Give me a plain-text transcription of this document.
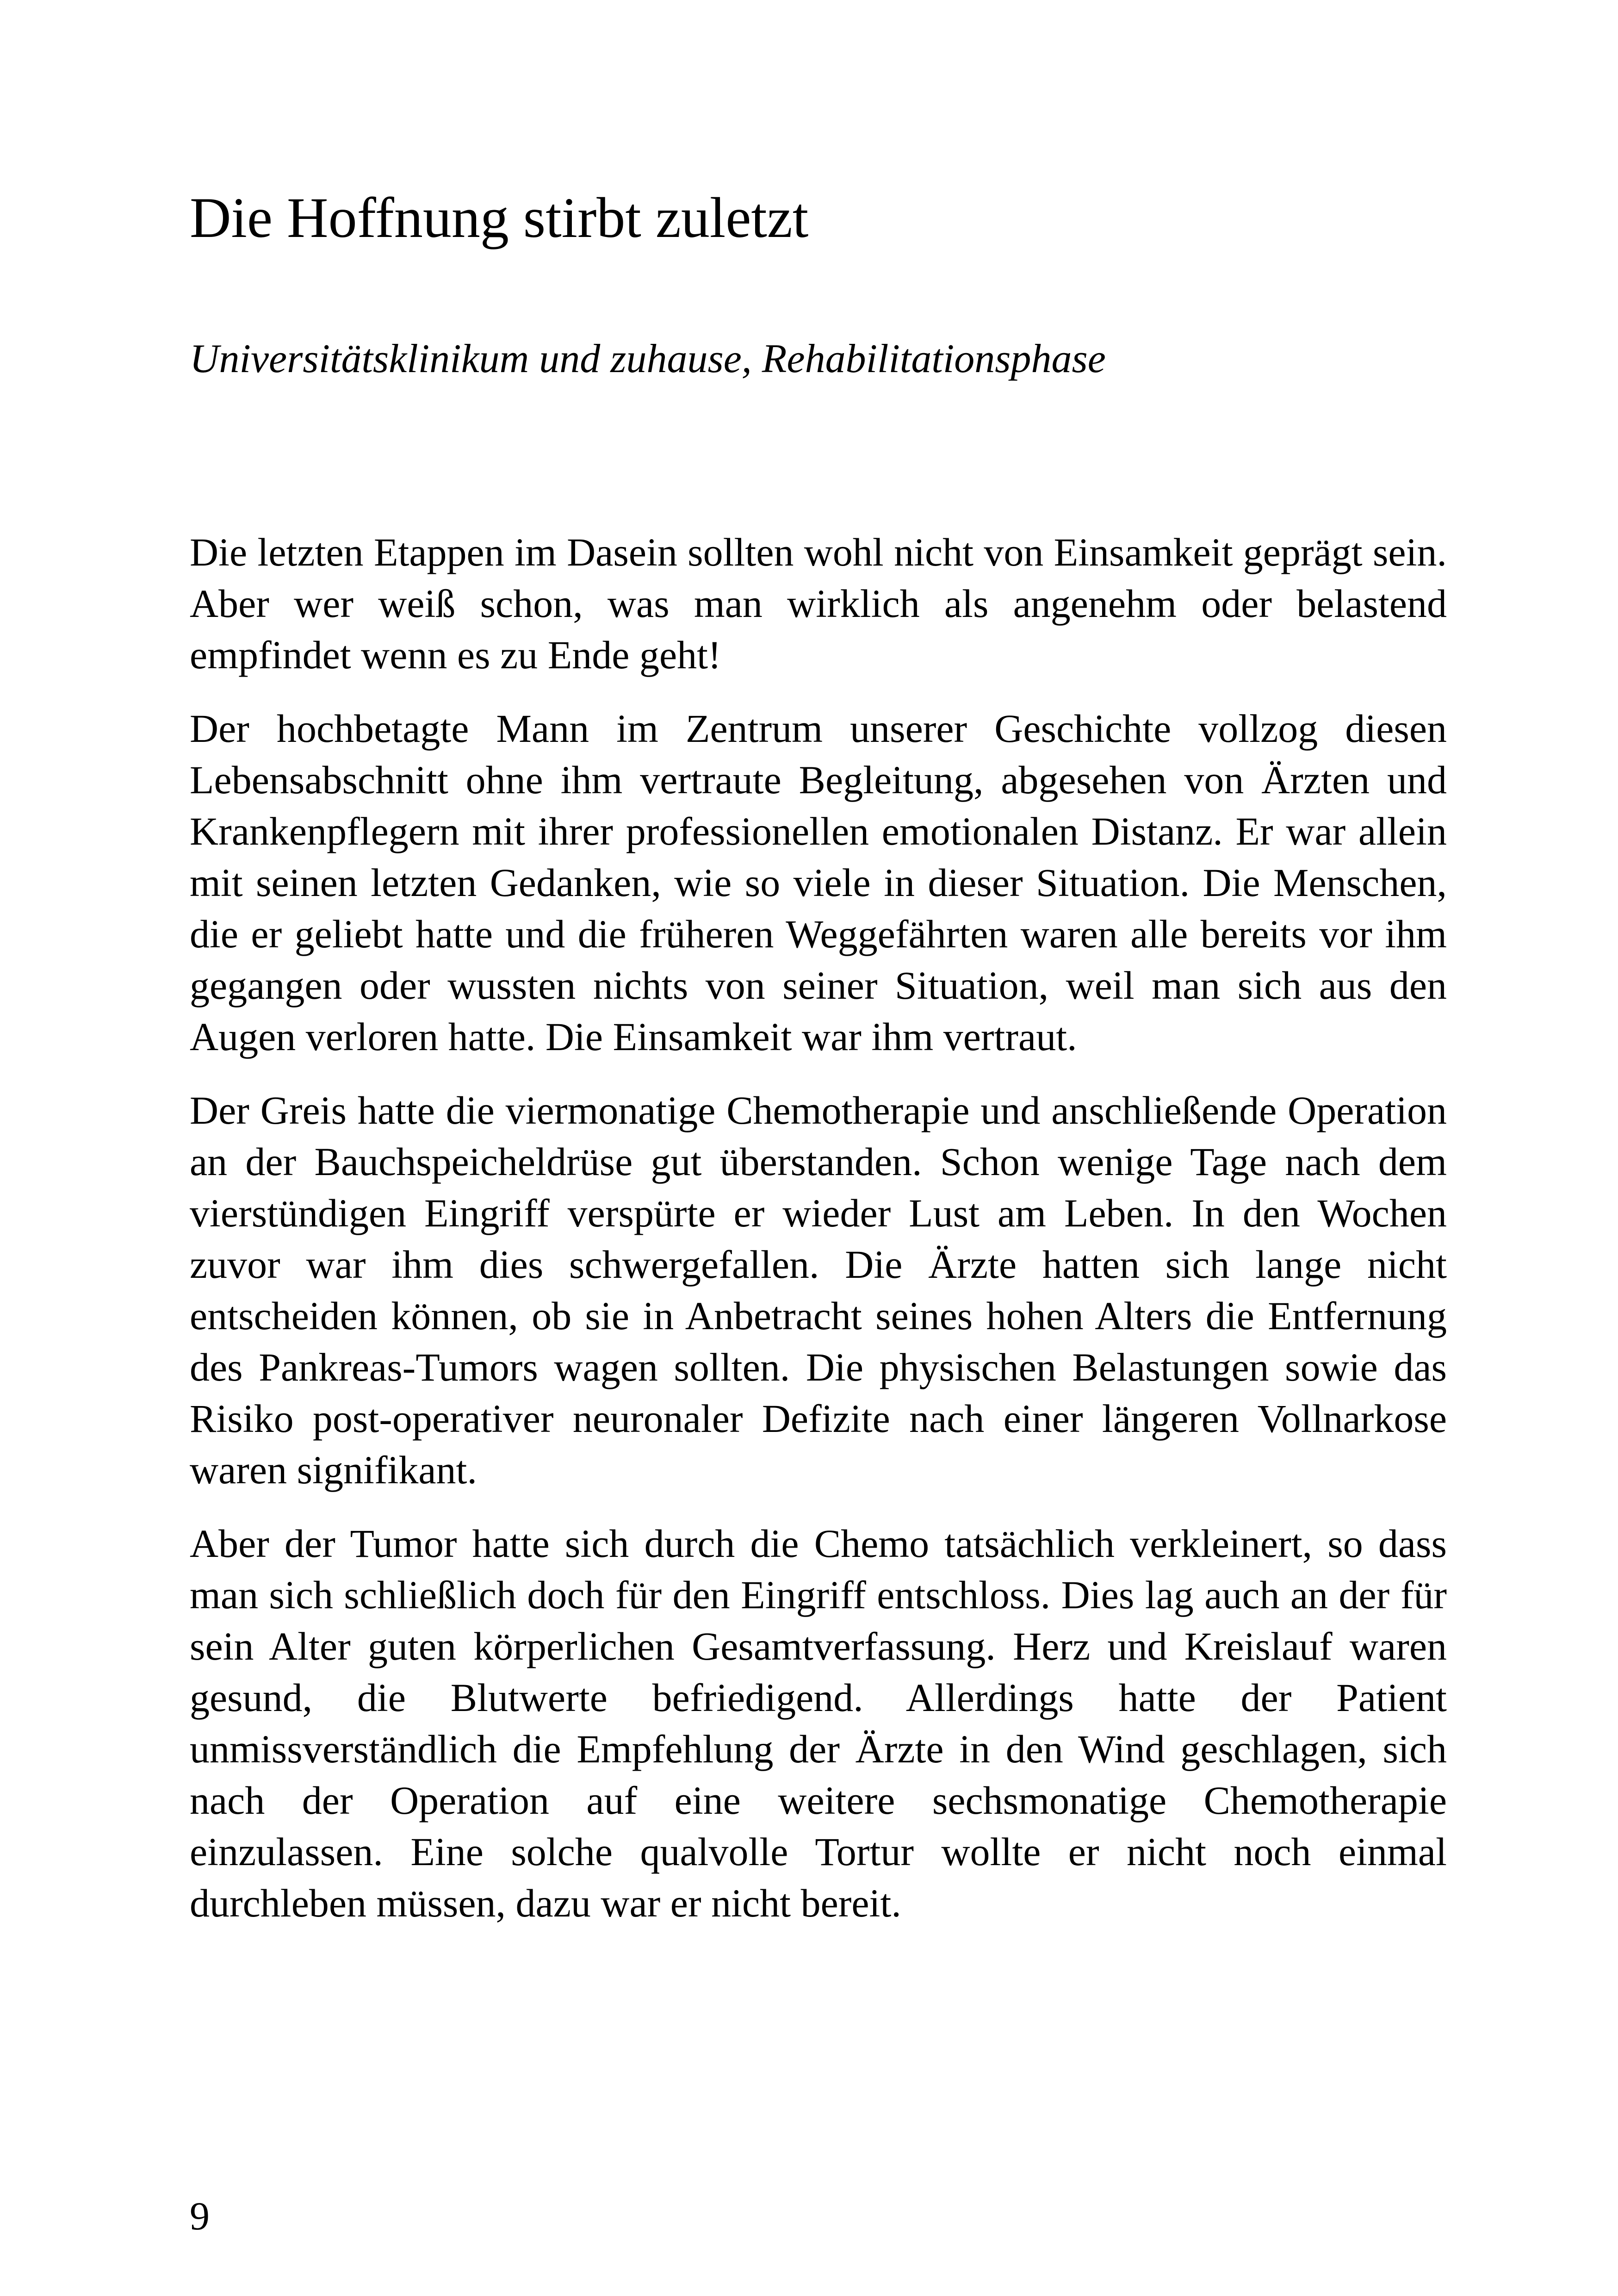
Die Hoffnung stirbt zuletzt
Universitätsklinikum und zuhause, Rehabilitationsphase

Die letzten Etappen im Dasein sollten wohl nicht von Einsamkeit geprägt sein. Aber wer weiß schon, was man wirklich als angenehm oder belastend empfindet wenn es zu Ende geht!

Der hochbetagte Mann im Zentrum unserer Geschichte vollzog diesen Lebensabschnitt ohne ihm vertraute Begleitung, abgesehen von Ärzten und Krankenpflegern mit ihrer professionellen emotionalen Distanz. Er war allein mit seinen letzten Gedanken, wie so viele in dieser Situation. Die Menschen, die er geliebt hatte und die früheren Weggefährten waren alle bereits vor ihm gegangen oder wussten nichts von seiner Situation, weil man sich aus den Augen verloren hatte. Die Einsamkeit war ihm vertraut.

Der Greis hatte die viermonatige Chemotherapie und anschließende Operation an der Bauchspeicheldrüse gut überstanden. Schon wenige Tage nach dem vierstündigen Eingriff verspürte er wieder Lust am Leben. In den Wochen zuvor war ihm dies schwergefallen. Die Ärzte hatten sich lange nicht entscheiden können, ob sie in Anbetracht seines hohen Alters die Entfernung des Pankreas-Tumors wagen sollten. Die physischen Belastungen sowie das Risiko post-operativer neuronaler Defizite nach einer längeren Vollnarkose waren signifikant.

Aber der Tumor hatte sich durch die Chemo tatsächlich verkleinert, so dass man sich schließlich doch für den Eingriff entschloss. Dies lag auch an der für sein Alter guten körperlichen Gesamtverfassung. Herz und Kreislauf waren gesund, die Blutwerte befriedigend. Allerdings hatte der Patient unmissverständlich die Empfehlung der Ärzte in den Wind geschlagen, sich nach der Operation auf eine weitere sechsmonatige Chemotherapie einzulassen. Eine solche qualvolle Tortur wollte er nicht noch einmal durchleben müssen, dazu war er nicht bereit.

9
